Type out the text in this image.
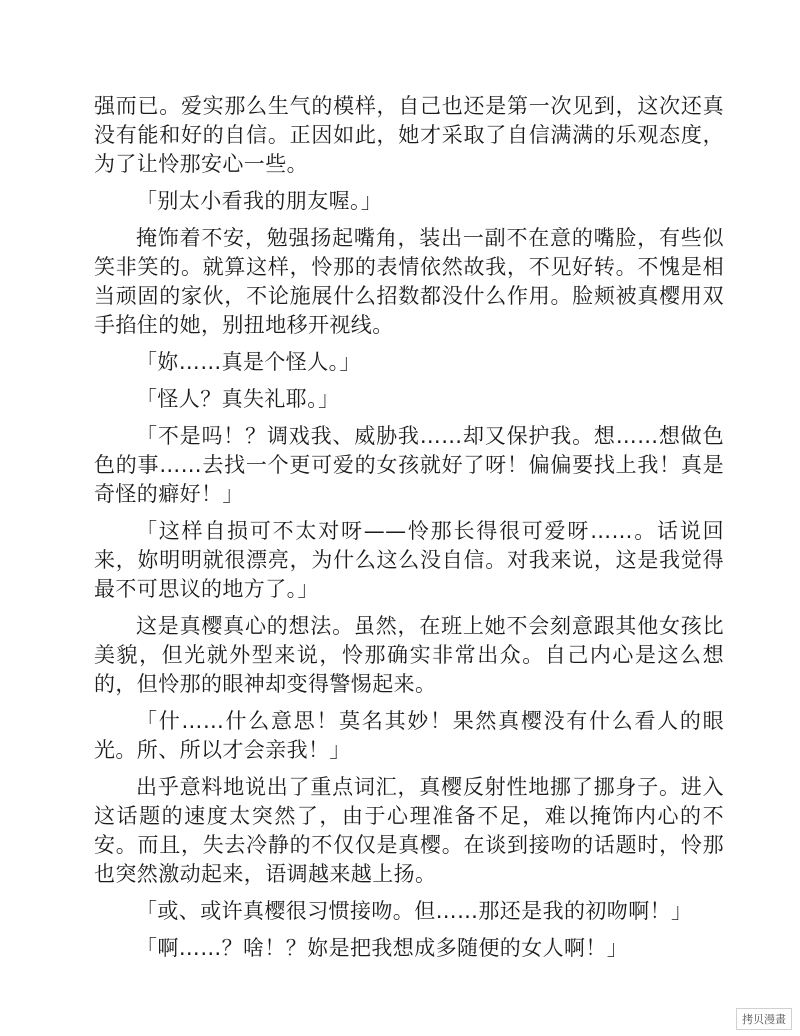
强而已。爱实那么生气的模样，自己也还是第一次见到，这次还真没有能和好的自信。正因如此，她才采取了自信满满的乐观态度，为了让怜那安心一些。

「别太小看我的朋友喔。」

掩饰着不安，勉强扬起嘴角，装出一副不在意的嘴脸，有些似笑非笑的。就算这样，怜那的表情依然故我，不见好转。不愧是相当顽固的家伙，不论施展什么招数都没什么作用。脸颊被真樱用双手掐住的她，别扭地移开视线。

「妳……真是个怪人。」

「怪人？真失礼耶。」

「不是吗！？调戏我、威胁我……却又保护我。想……想做色色的事……去找一个更可爱的女孩就好了呀！偏偏要找上我！真是奇怪的癖好！」

「这样自损可不太对呀——怜那长得很可爱呀……。话说回来，妳明明就很漂亮，为什么这么没自信。对我来说，这是我觉得最不可思议的地方了。」

这是真樱真心的想法。虽然，在班上她不会刻意跟其他女孩比美貌，但光就外型来说，怜那确实非常出众。自己内心是这么想的，但怜那的眼神却变得警惕起来。

「什……什么意思！莫名其妙！果然真樱没有什么看人的眼光。所、所以才会亲我！」

出乎意料地说出了重点词汇，真樱反射性地挪了挪身子。进入这话题的速度太突然了，由于心理准备不足，难以掩饰内心的不安。而且，失去冷静的不仅仅是真樱。在谈到接吻的话题时，怜那也突然激动起来，语调越来越上扬。

「或、或许真樱很习惯接吻。但……那还是我的初吻啊！」

「啊……？啥！？妳是把我想成多随便的女人啊！」

拷贝漫畫
